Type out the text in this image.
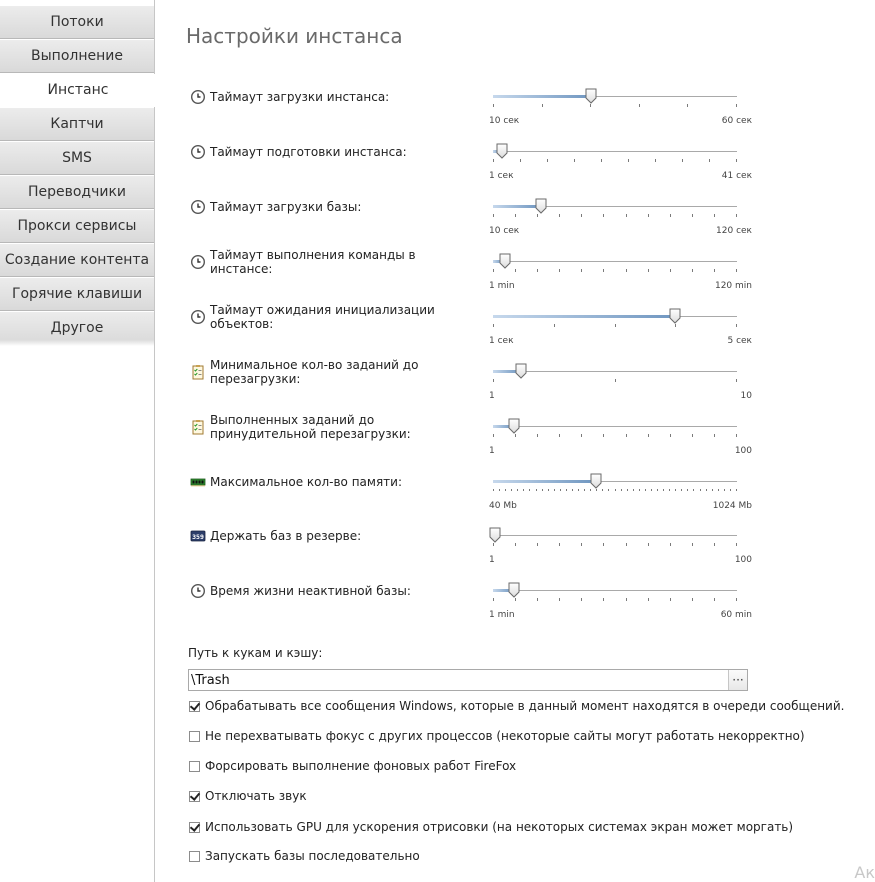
Потоки
Выполнение
Инстанс
Каптчи
SMS
Переводчики
Прокси сервисы
Создание контента
Горячие клавиши
Другое
Настройки инстанса
Таймаут загрузки инстанса:
10 сек	60 сек
Таймаут подготовки инстанса:
1 сек	41 сек
Таймаут загрузки базы:
10 сек	120 сек
Таймаут выполнения команды в инстансе:
1 min	120 min
Таймаут ожидания инициализации объектов:
1 сек	5 сек
Минимальное кол-во заданий до перезагрузки:
1	10
Выполненных заданий до принудительной перезагрузки:
1	100
Максимальное кол-во памяти:
40 Mb	1024 Mb
359 Держать баз в резерве:
1	100
Время жизни неактивной базы:
1 min	60 min
Путь к кукам и кэшу:
\Trash
···
Обрабатывать все сообщения Windows, которые в данный момент находятся в очереди сообщений.
Не перехватывать фокус с других процессов (некоторые сайты могут работать некорректно)
Форсировать выполнение фоновых работ FireFox
Отключать звук
Использовать GPU для ускорения отрисовки (на некоторых системах экран может моргать)
Запускать базы последовательно
Ак
